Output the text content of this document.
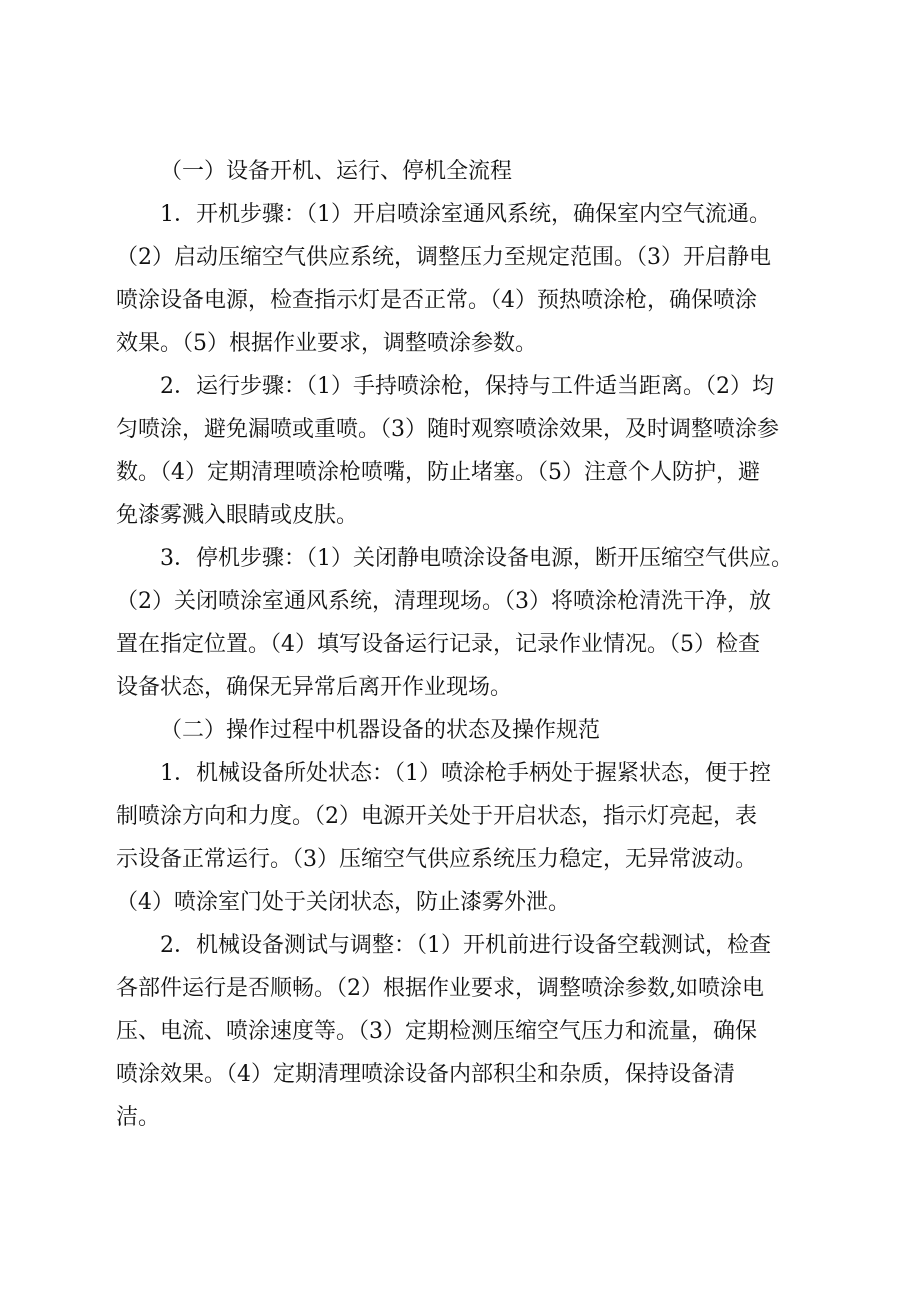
（一）设备开机、运行、停机全流程

1．开机步骤：（1）开启喷涂室通风系统，确保室内空气流通。
（2）启动压缩空气供应系统，调整压力至规定范围。（3）开启静电
喷涂设备电源，检查指示灯是否正常。（4）预热喷涂枪，确保喷涂
效果。（5）根据作业要求，调整喷涂参数。

2．运行步骤：（1）手持喷涂枪，保持与工件适当距离。（2）均
匀喷涂，避免漏喷或重喷。（3）随时观察喷涂效果，及时调整喷涂参
数。（4）定期清理喷涂枪喷嘴，防止堵塞。（5）注意个人防护，避
免漆雾溅入眼睛或皮肤。

3．停机步骤：（1）关闭静电喷涂设备电源，断开压缩空气供应。
（2）关闭喷涂室通风系统，清理现场。（3）将喷涂枪清洗干净，放
置在指定位置。（4）填写设备运行记录，记录作业情况。（5）检查
设备状态，确保无异常后离开作业现场。

（二）操作过程中机器设备的状态及操作规范

1．机械设备所处状态：（1）喷涂枪手柄处于握紧状态，便于控
制喷涂方向和力度。（2）电源开关处于开启状态，指示灯亮起，表
示设备正常运行。（3）压缩空气供应系统压力稳定，无异常波动。
（4）喷涂室门处于关闭状态，防止漆雾外泄。

2．机械设备测试与调整：（1）开机前进行设备空载测试，检查
各部件运行是否顺畅。（2）根据作业要求，调整喷涂参数,如喷涂电
压、电流、喷涂速度等。（3）定期检测压缩空气压力和流量，确保
喷涂效果。（4）定期清理喷涂设备内部积尘和杂质，保持设备清
洁。
